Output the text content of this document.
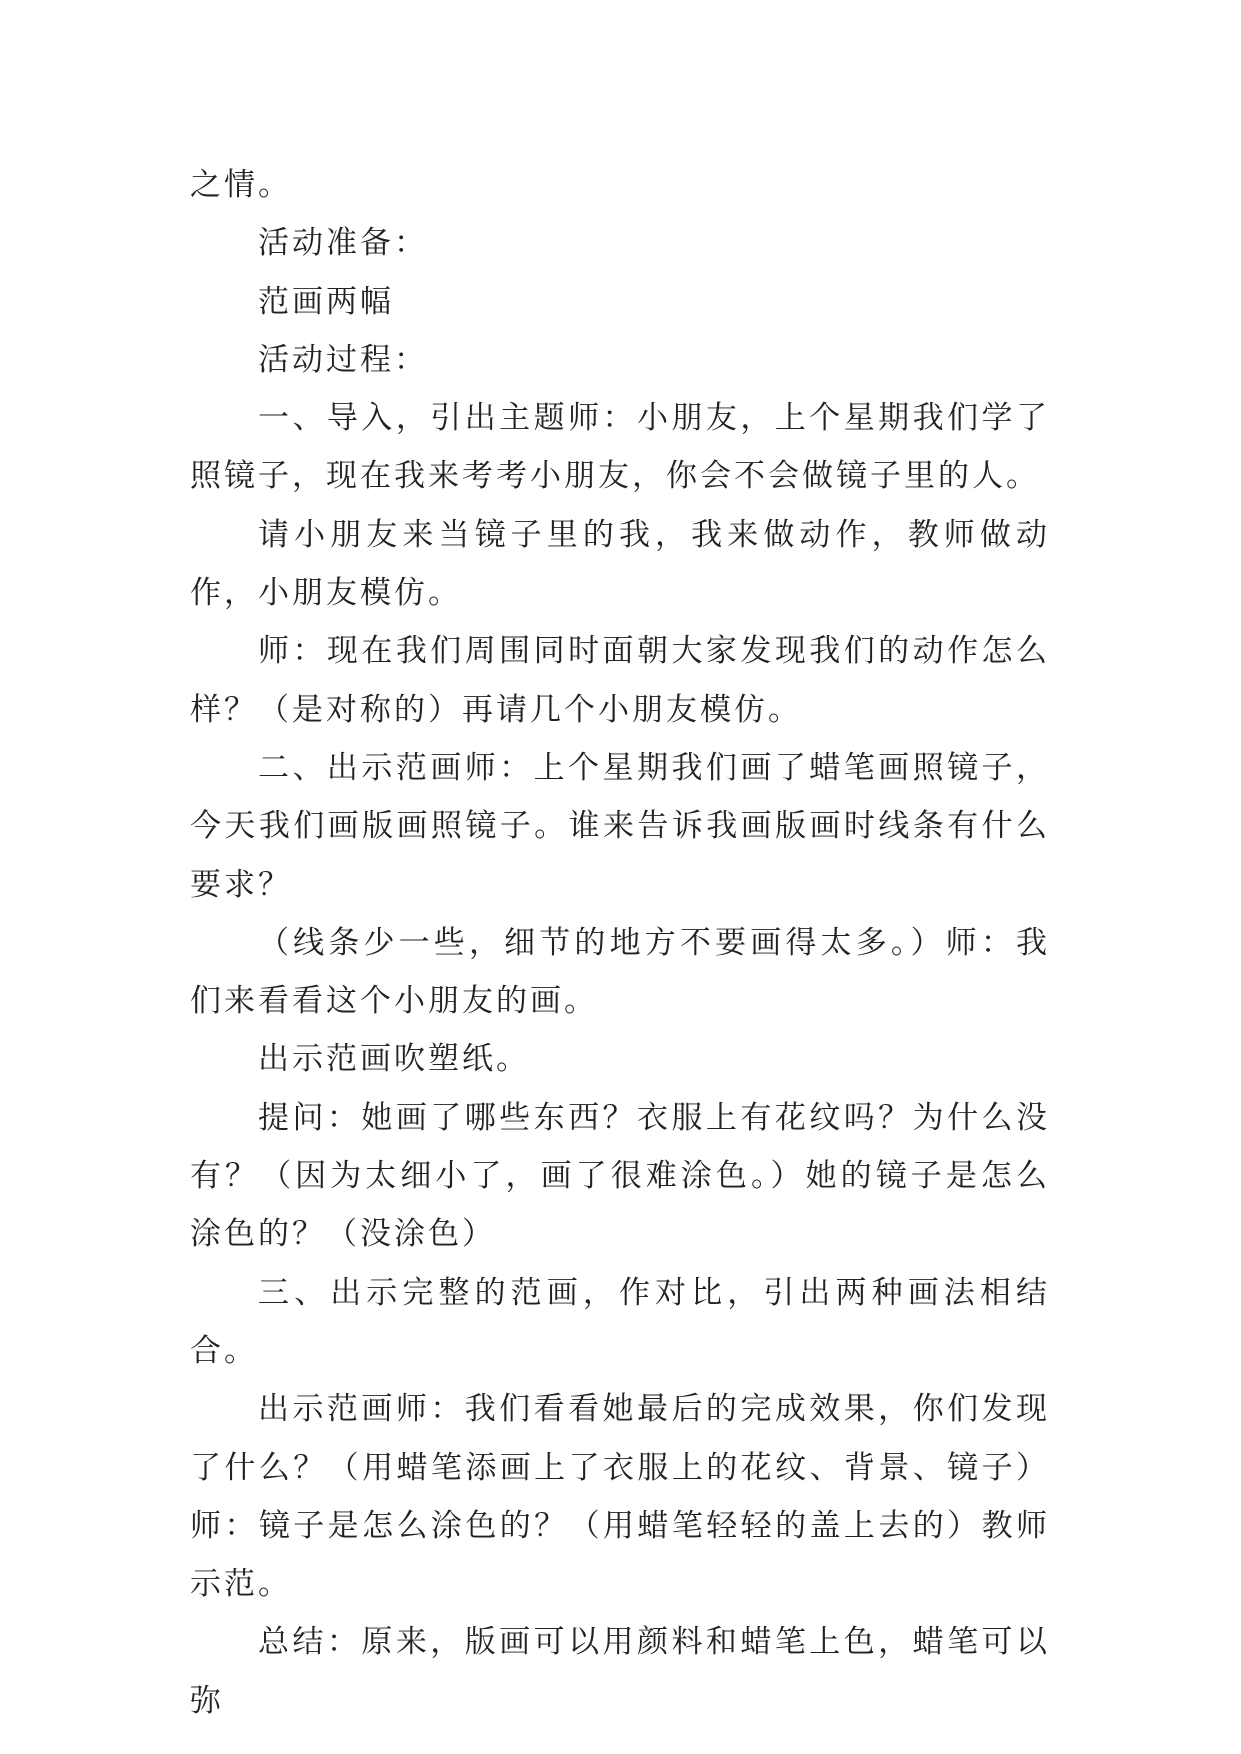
之情。

活动准备：

范画两幅

活动过程：

一、导入，引出主题师：小朋友，上个星期我们学了照镜子，现在我来考考小朋友，你会不会做镜子里的人。

请小朋友来当镜子里的我，我来做动作，教师做动作，小朋友模仿。

师：现在我们周围同时面朝大家发现我们的动作怎么样？（是对称的）再请几个小朋友模仿。

二、出示范画师：上个星期我们画了蜡笔画照镜子，今天我们画版画照镜子。谁来告诉我画版画时线条有什么要求？

（线条少一些，细节的地方不要画得太多。）师：我们来看看这个小朋友的画。

出示范画吹塑纸。

提问：她画了哪些东西？衣服上有花纹吗？为什么没有？（因为太细小了，画了很难涂色。）她的镜子是怎么涂色的？（没涂色）

三、出示完整的范画，作对比，引出两种画法相结合。

出示范画师：我们看看她最后的完成效果，你们发现了什么？（用蜡笔添画上了衣服上的花纹、背景、镜子）师：镜子是怎么涂色的？（用蜡笔轻轻的盖上去的）教师示范。

总结：原来，版画可以用颜料和蜡笔上色，蜡笔可以弥
